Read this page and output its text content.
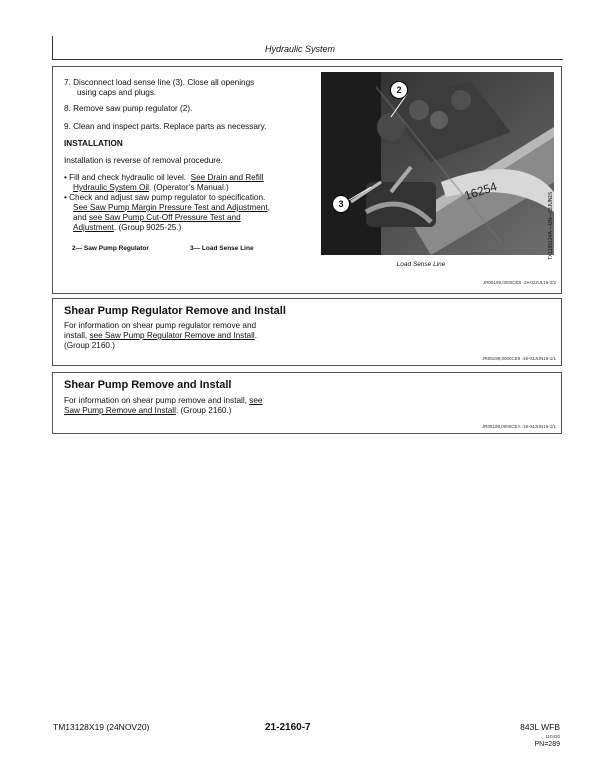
Hydraulic System
7. Disconnect load sense line (3). Close all openings
using caps and plugs.
8. Remove saw pump regulator (2).
9. Clean and inspect parts. Replace parts as necessary.
INSTALLATION
Installation is reverse of removal procedure.
• Fill and check hydraulic oil level. See Drain and Refill
Hydraulic System Oil. (Operator’s Manual.)
• Check and adjust saw pump regulator to specification.
See Saw Pump Margin Pressure Test and Adjustment,
and see Saw Pump Cut-Off Pressure Test and
Adjustment. (Group 9025-25.)
2— Saw Pump Regulator	3— Load Sense Line
16254
2
3	TX1195134A —UN—03JUN15
Load Sense Line
JR05199,0000CE8 -19-02JUL15-2/2
Shear Pump Regulator Remove and Install
For information on shear pump regulator remove and
install, see Saw Pump Regulator Remove and Install.
(Group 2160.)
JR05199,0000CE9 -19-03JUN15-1/1
Shear Pump Remove and Install
For information on shear pump remove and install, see
Saw Pump Remove and Install. (Group 2160.)
JR05199,0000CEA -19-04JUN15-1/1
TM13128X19 (24NOV20)	21-2160-7	843L WFB
110420
PN=289
